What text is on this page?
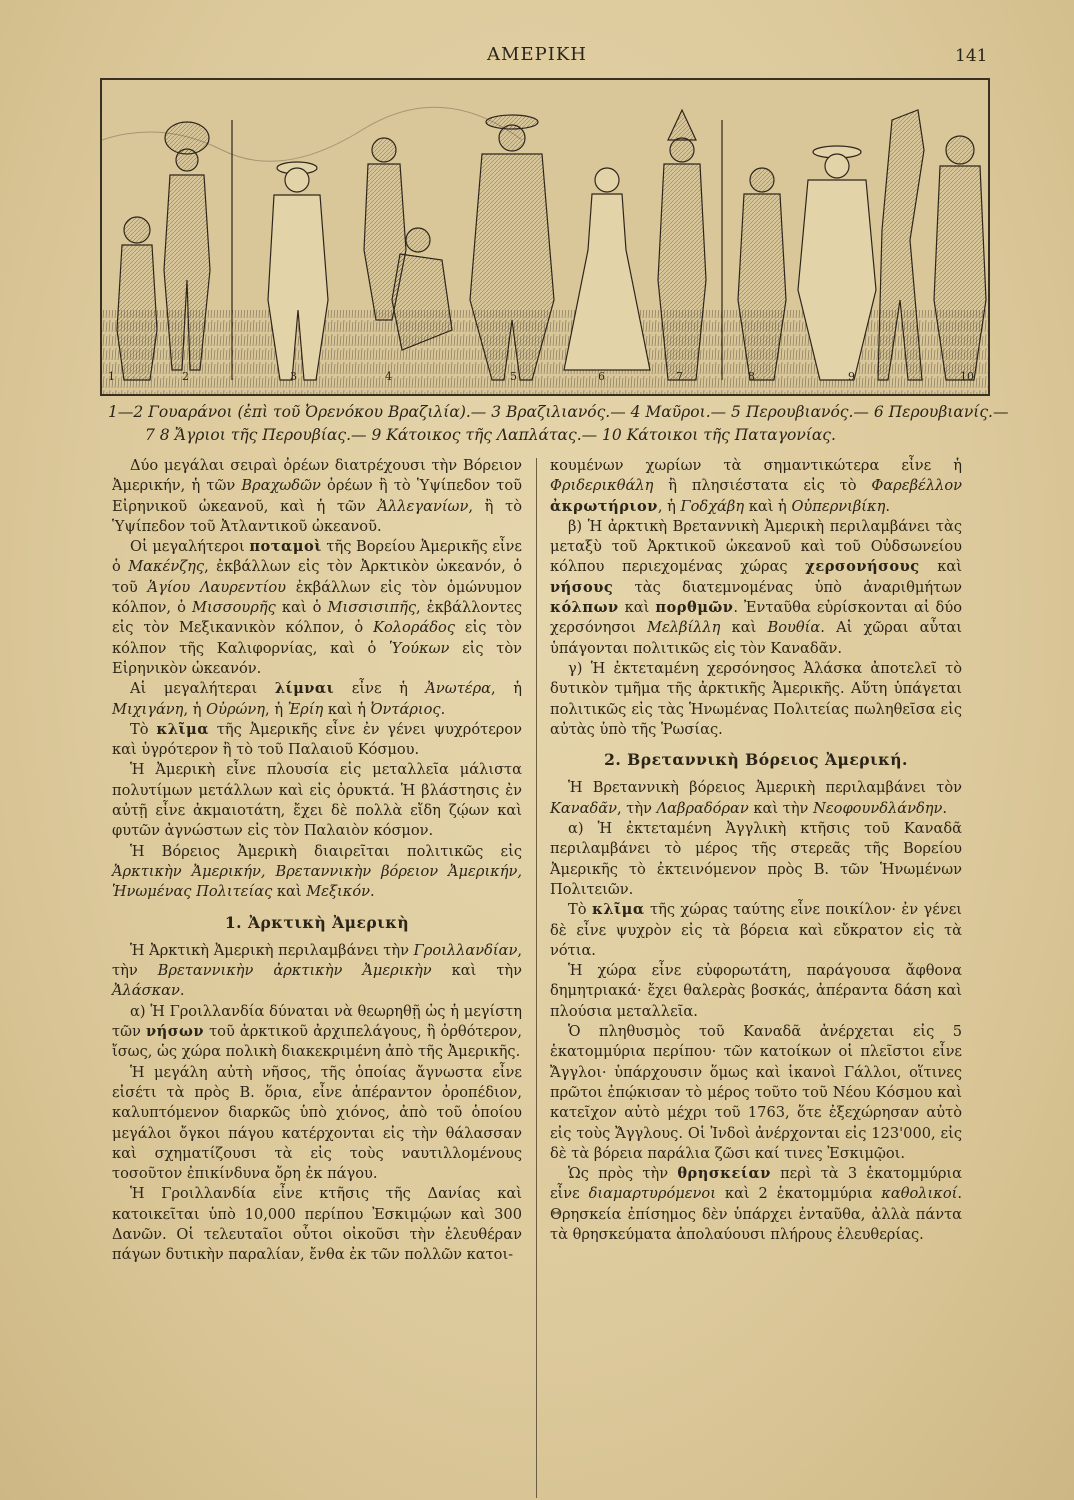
ΑΜΕΡΙΚΗ	141
1	2	3	4	5	6	7	8	9	10
1—2 Γουαράνοι (ἐπὶ τοῦ Ὀρενόκου Βραζιλία).— 3 Βραζιλιανός.— 4 Μαῦροι.— 5 Περουβιανός.— 6 Περουβιανίς.—
7 8 Ἄγριοι τῆς Περουβίας.— 9 Κάτοικος τῆς Λαπλάτας.— 10 Κάτοικοι τῆς Παταγονίας.

Δύο μεγάλαι σειραὶ ὀρέων διατρέχουσι τὴν Βόρειον Ἀμερικήν, ἡ τῶν Βραχωδῶν ὀρέων ἢ τὸ Ὑψίπεδον τοῦ Εἰρηνικοῦ ὠκεανοῦ, καὶ ἡ τῶν Ἀλλεγανίων, ἢ τὸ Ὑψίπεδον τοῦ Ἀτλαντικοῦ ὠκεανοῦ.

Οἱ μεγαλήτεροι ποταμοὶ τῆς Βορείου Ἀμερικῆς εἶνε ὁ Μακένζης, ἐκβάλλων εἰς τὸν Ἀρκτικὸν ὠκεανόν, ὁ τοῦ Ἁγίου Λαυρεντίου ἐκβάλλων εἰς τὸν ὁμώνυμον κόλπον, ὁ Μισσουρῆς καὶ ὁ Μισσισιπῆς, ἐκβάλλοντες εἰς τὸν Μεξικανικὸν κόλπον, ὁ Κολοράδος εἰς τὸν κόλπον τῆς Καλιφορνίας, καὶ ὁ Ὑούκων εἰς τὸν Εἰρηνικὸν ὠκεανόν.

Αἱ μεγαλήτεραι λίμναι εἶνε ἡ Ἀνωτέρα, ἡ Μιχιγάνη, ἡ Οὐρώνη, ἡ Ἐρίη καὶ ἡ Ὀντάριος.

Τὸ κλῖμα τῆς Ἀμερικῆς εἶνε ἐν γένει ψυχρότερον καὶ ὑγρότερον ἢ τὸ τοῦ Παλαιοῦ Κόσμου.

Ἡ Ἀμερικὴ εἶνε πλουσία εἰς μεταλλεῖα μάλιστα πολυτίμων μετάλλων καὶ εἰς ὀρυκτά. Ἡ βλάστησις ἐν αὐτῇ εἶνε ἀκμαιοτάτη, ἔχει δὲ πολλὰ εἴδη ζῴων καὶ φυτῶν ἀγνώστων εἰς τὸν Παλαιὸν κόσμον.

Ἡ Βόρειος Ἀμερικὴ διαιρεῖται πολιτικῶς εἰς Ἀρκτικὴν Ἀμερικήν, Βρεταννικὴν βόρειον Ἀμερικήν, Ἡνωμένας Πολιτείας καὶ Μεξικόν.

1. Ἀρκτικὴ Ἀμερικὴ

Ἡ Ἀρκτικὴ Ἀμερικὴ περιλαμβάνει τὴν Γροιλλανδίαν, τὴν Βρεταννικὴν ἀρκτικὴν Ἀμερικὴν καὶ τὴν Ἀλάσκαν.

α) Ἡ Γροιλλανδία δύναται νὰ θεωρηθῇ ὡς ἡ μεγίστη τῶν νήσων τοῦ ἀρκτικοῦ ἀρχιπελάγους, ἢ ὀρθότερον, ἴσως, ὡς χώρα πολικὴ διακεκριμένη ἀπὸ τῆς Ἀμερικῆς.

Ἡ μεγάλη αὐτὴ νῆσος, τῆς ὁποίας ἄγνωστα εἶνε εἰσέτι τὰ πρὸς Β. ὅρια, εἶνε ἀπέραντον ὀροπέδιον, καλυπτόμενον διαρκῶς ὑπὸ χιόνος, ἀπὸ τοῦ ὁποίου μεγάλοι ὄγκοι πάγου κατέρχονται εἰς τὴν θάλασσαν καὶ σχηματίζουσι τὰ εἰς τοὺς ναυτιλλομένους τοσοῦτον ἐπικίνδυνα ὄρη ἐκ πάγου.

Ἡ Γροιλλανδία εἶνε κτῆσις τῆς Δανίας καὶ κατοικεῖται ὑπὸ 10,000 περίπου Ἐσκιμῴων καὶ 300 Δανῶν. Οἱ τελευταῖοι οὗτοι οἰκοῦσι τὴν ἐλευθέραν πάγων δυτικὴν παραλίαν, ἔνθα ἐκ τῶν πολλῶν κατοι-

κουμένων χωρίων τὰ σημαντικώτερα εἶνε ἡ Φριδερικθάλη ἢ πλησιέστατα εἰς τὸ Φαρεβέλλον ἀκρωτήριον, ἡ Γοδχάβη καὶ ἡ Οὐπερνιβίκη.

β) Ἡ ἀρκτικὴ Βρεταννικὴ Ἀμερικὴ περιλαμβάνει τὰς μεταξὺ τοῦ Ἀρκτικοῦ ὠκεανοῦ καὶ τοῦ Οὐδσωνείου κόλπου περιεχομένας χώρας χερσονήσους καὶ νήσους τὰς διατεμνομένας ὑπὸ ἀναριθμήτων κόλπων καὶ πορθμῶν. Ἐνταῦθα εὑρίσκονται αἱ δύο χερσόνησοι Μελβίλλη καὶ Βουθία. Αἱ χῶραι αὗται ὑπάγονται πολιτικῶς εἰς τὸν Καναδᾶν.

γ) Ἡ ἐκτεταμένη χερσόνησος Ἀλάσκα ἀποτελεῖ τὸ δυτικὸν τμῆμα τῆς ἀρκτικῆς Ἀμερικῆς. Αὕτη ὑπάγεται πολιτικῶς εἰς τὰς Ἡνωμένας Πολιτείας πωληθεῖσα εἰς αὐτὰς ὑπὸ τῆς Ῥωσίας.

2. Βρεταννικὴ Βόρειος Ἀμερική.

Ἡ Βρεταννικὴ βόρειος Ἀμερικὴ περιλαμβάνει τὸν Καναδᾶν, τὴν Λαβραδόραν καὶ τὴν Νεοφουνδλάνδην.

α) Ἡ ἐκτεταμένη Ἀγγλικὴ κτῆσις τοῦ Καναδᾶ περιλαμβάνει τὸ μέρος τῆς στερεᾶς τῆς Βορείου Ἀμερικῆς τὸ ἐκτεινόμενον πρὸς Β. τῶν Ἡνωμένων Πολιτειῶν.

Τὸ κλῖμα τῆς χώρας ταύτης εἶνε ποικίλον· ἐν γένει δὲ εἶνε ψυχρὸν εἰς τὰ βόρεια καὶ εὔκρατον εἰς τὰ νότια.

Ἡ χώρα εἶνε εὐφορωτάτη, παράγουσα ἄφθονα δημητριακά· ἔχει θαλερὰς βοσκάς, ἀπέραντα δάση καὶ πλούσια μεταλλεῖα.

Ὁ πληθυσμὸς τοῦ Καναδᾶ ἀνέρχεται εἰς 5 ἑκατομμύρια περίπου· τῶν κατοίκων οἱ πλεῖστοι εἶνε Ἄγγλοι· ὑπάρχουσιν ὅμως καὶ ἱκανοὶ Γάλλοι, οἵτινες πρῶτοι ἐπῴκισαν τὸ μέρος τοῦτο τοῦ Νέου Κόσμου καὶ κατεῖχον αὐτὸ μέχρι τοῦ 1763, ὅτε ἐξεχώρησαν αὐτὸ εἰς τοὺς Ἄγγλους. Οἱ Ἰνδοὶ ἀνέρχονται εἰς 123'000, εἰς δὲ τὰ βόρεια παράλια ζῶσι καί τινες Ἐσκιμῷοι.

Ὡς πρὸς τὴν θρησκείαν περὶ τὰ 3 ἑκατομμύρια εἶνε διαμαρτυρόμενοι καὶ 2 ἑκατομμύρια καθολικοί. Θρησκεία ἐπίσημος δὲν ὑπάρχει ἐνταῦθα, ἀλλὰ πάντα τὰ θρησκεύματα ἀπολαύουσι πλήρους ἐλευθερίας.
